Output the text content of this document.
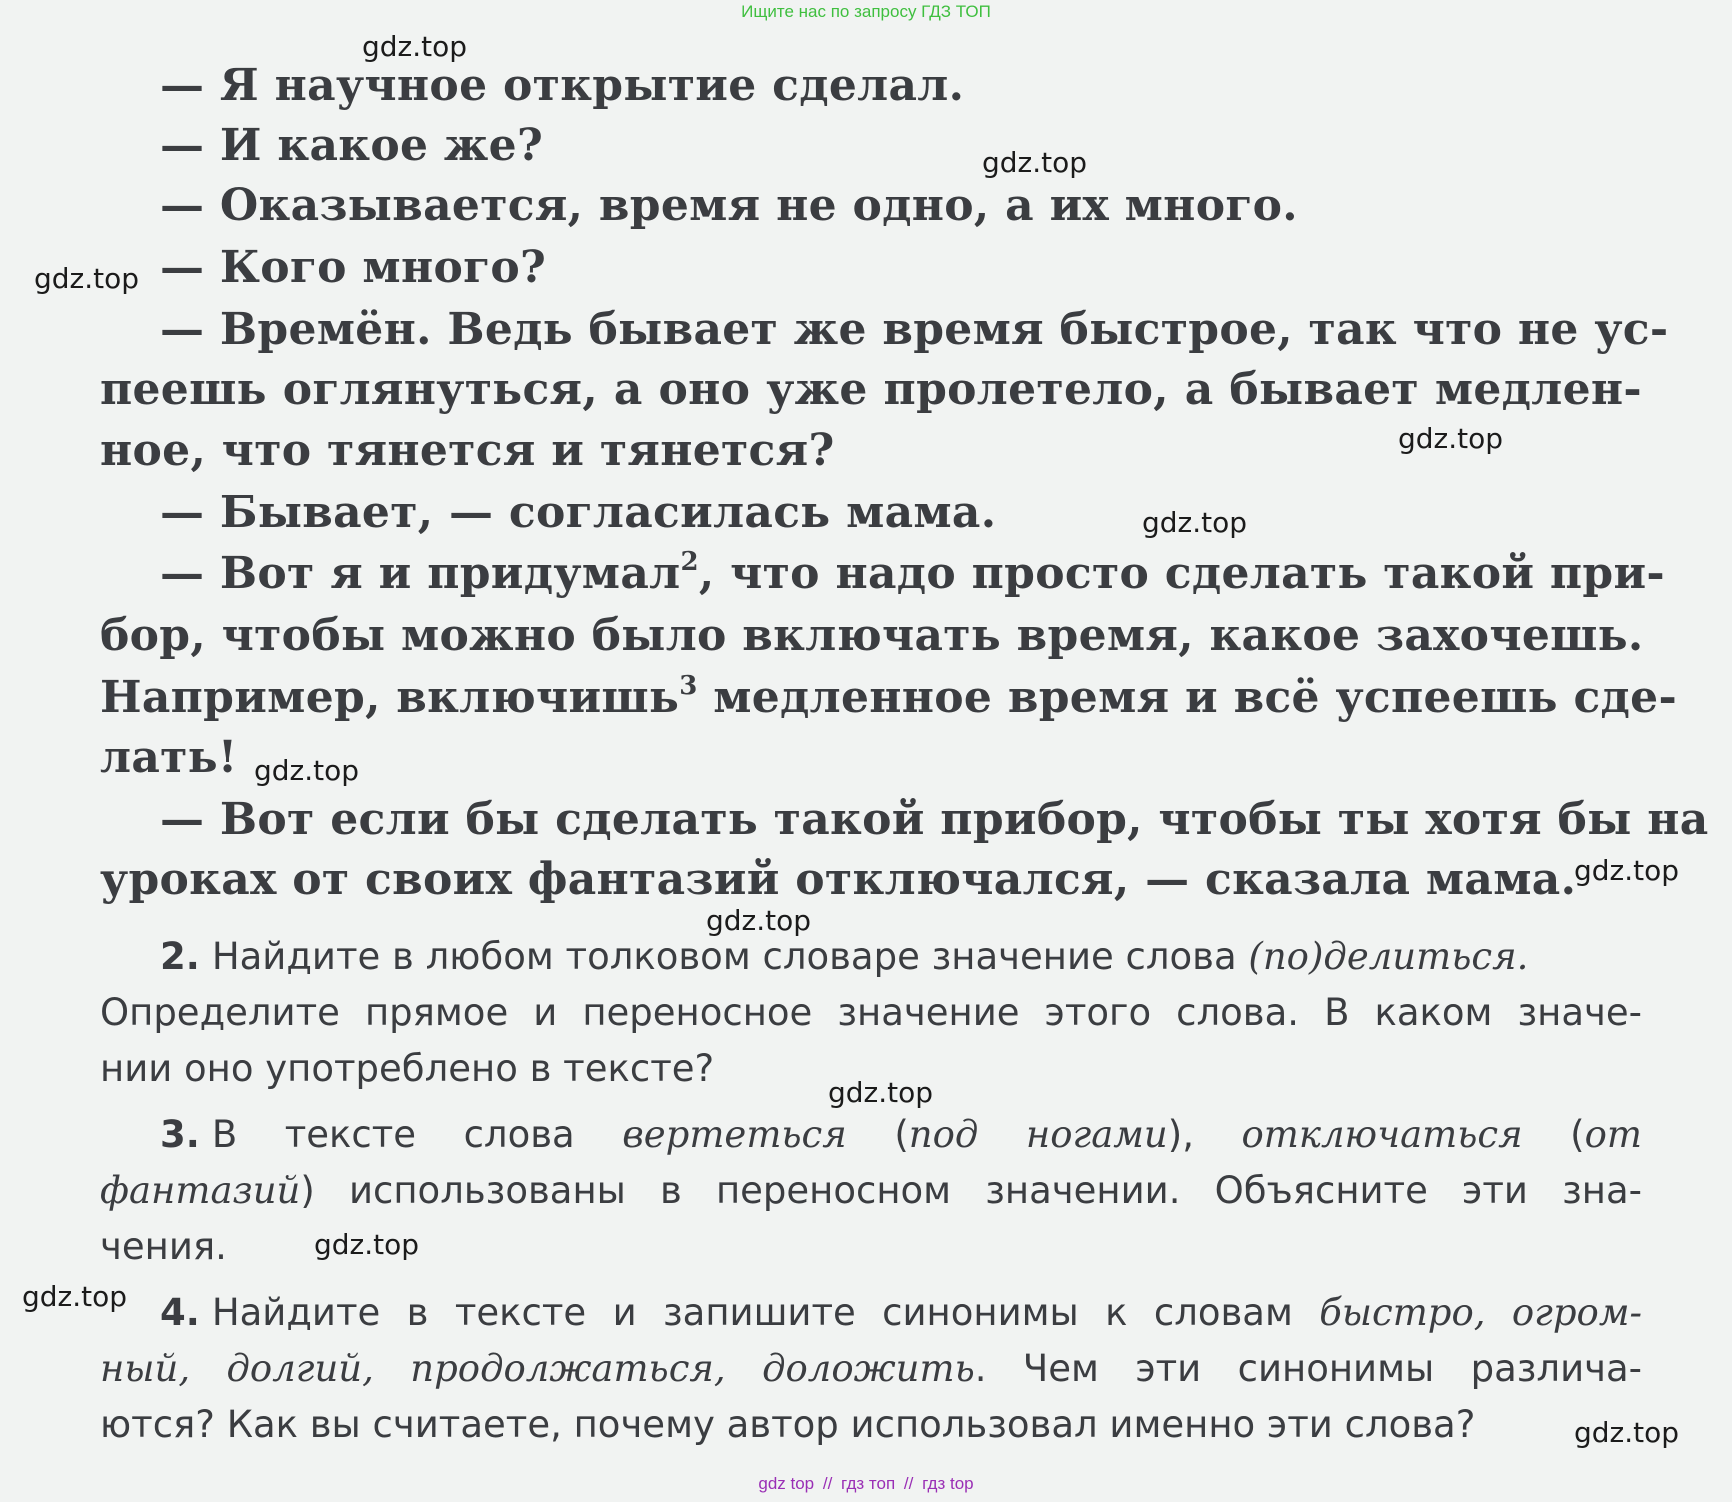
Ищите нас по запросу ГДЗ ТОП
— Я научное открытие сделал.
— И какое же?
— Оказывается, время не одно, а их много.
— Кого много?
— Времён. Ведь бывает же время быстрое, так что не ус-
пеешь оглянуться, а оно уже пролетело, а бывает медлен-
ное, что тянется и тянется?
— Бывает, — согласилась мама.
— Вот я и придумал$^2$, что надо просто сделать такой при-
бор, чтобы можно было включать время, какое захочешь.
Например, включишь$^3$ медленное время и всё успеешь сде-
лать!
— Вот если бы сделать такой прибор, чтобы ты хотя бы на
уроках от своих фантазий отключался, — сказала мама.
2. Найдите в любом толковом словаре значение слова (по)делиться.
Определите прямое и переносное значение этого слова. В каком значе-
нии оно употреблено в тексте?
3. В тексте слова вертеться (под ногами), отключаться (от
фантазий) использованы в переносном значении. Объясните эти зна-
чения.
4. Найдите в тексте и запишите синонимы к словам быстро, огром-
ный, долгий, продолжаться, доложить. Чем эти синонимы различа-
ются? Как вы считаете, почему автор использовал именно эти слова?
gdz.top
gdz.top
gdz.top
gdz.top
gdz.top
gdz.top
gdz.top
gdz.top
gdz.top
gdz.top
gdz.top
gdz.top
gdz top // гдз топ // гдз top
